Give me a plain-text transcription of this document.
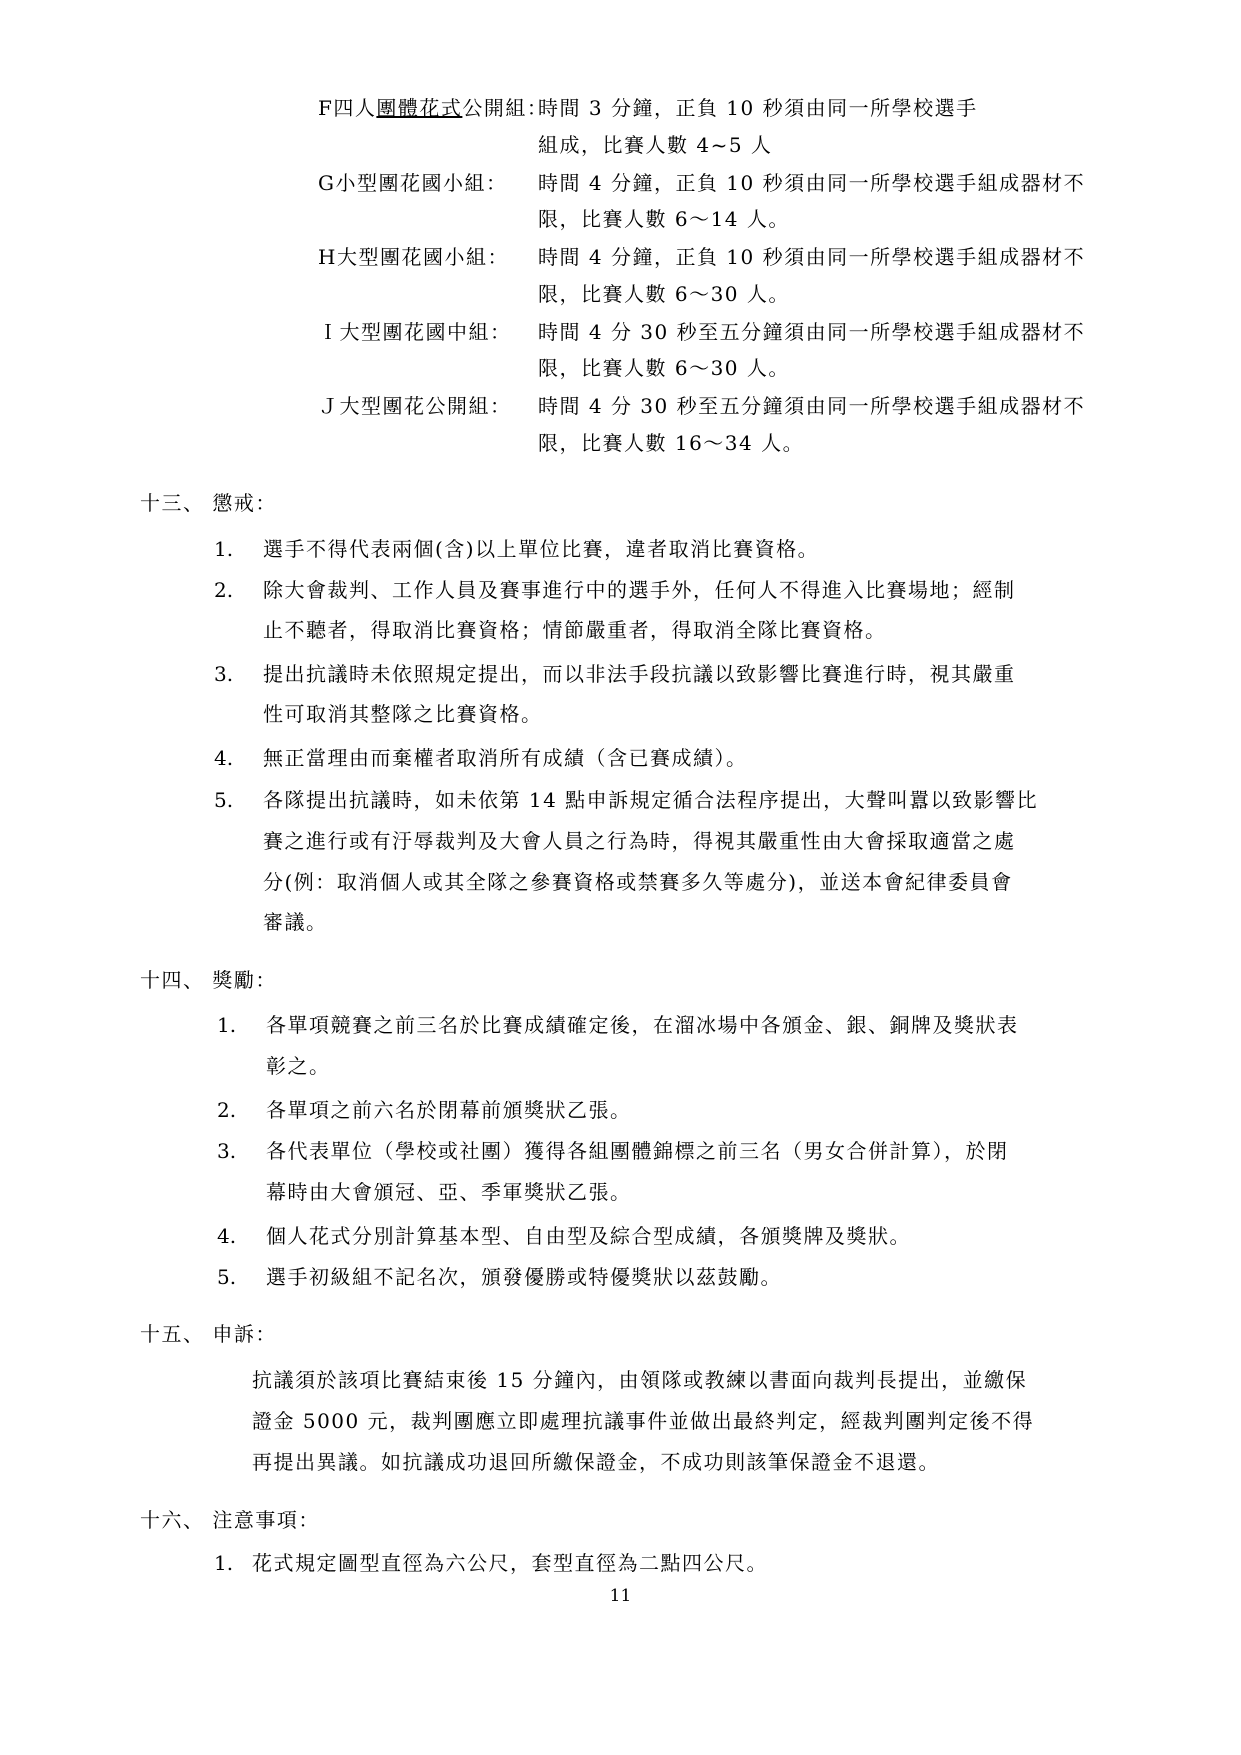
F四人團體花式公開組：
時間 3 分鐘，正負 10 秒須由同一所學校選手
組成，比賽人數 4~5 人
G小型團花國小組： 時間 4 分鐘，正負 10 秒須由同一所學校選手組成器材不
限，比賽人數 6～14 人。
H大型團花國小組： 時間 4 分鐘，正負 10 秒須由同一所學校選手組成器材不
限，比賽人數 6～30 人。
Ｉ大型團花國中組： 時間 4 分 30 秒至五分鐘須由同一所學校選手組成器材不
限，比賽人數 6～30 人。
Ｊ大型團花公開組： 時間 4 分 30 秒至五分鐘須由同一所學校選手組成器材不
限，比賽人數 16～34 人。
十三、 懲戒：
1. 選手不得代表兩個(含)以上單位比賽，違者取消比賽資格。
2. 除大會裁判、工作人員及賽事進行中的選手外，任何人不得進入比賽場地；經制
止不聽者，得取消比賽資格；情節嚴重者，得取消全隊比賽資格。
3. 提出抗議時未依照規定提出，而以非法手段抗議以致影響比賽進行時，視其嚴重
性可取消其整隊之比賽資格。
4. 無正當理由而棄權者取消所有成績（含已賽成績）。
5. 各隊提出抗議時，如未依第 14 點申訴規定循合法程序提出，大聲叫囂以致影響比
賽之進行或有汙辱裁判及大會人員之行為時，得視其嚴重性由大會採取適當之處
分(例：取消個人或其全隊之參賽資格或禁賽多久等處分)，並送本會紀律委員會
審議。
十四、 獎勵：
1. 各單項競賽之前三名於比賽成績確定後，在溜冰場中各頒金、銀、銅牌及獎狀表
彰之。
2. 各單項之前六名於閉幕前頒獎狀乙張。
3. 各代表單位（學校或社團）獲得各組團體錦標之前三名（男女合併計算），於閉
幕時由大會頒冠、亞、季軍獎狀乙張。
4. 個人花式分別計算基本型、自由型及綜合型成績，各頒獎牌及獎狀。
5. 選手初級組不記名次，頒發優勝或特優獎狀以茲鼓勵。
十五、 申訴：
抗議須於該項比賽結束後 15 分鐘內，由領隊或教練以書面向裁判長提出，並繳保
證金 5000 元，裁判團應立即處理抗議事件並做出最終判定，經裁判團判定後不得
再提出異議。如抗議成功退回所繳保證金，不成功則該筆保證金不退還。
十六、 注意事項：
1. 花式規定圖型直徑為六公尺，套型直徑為二點四公尺。
11
